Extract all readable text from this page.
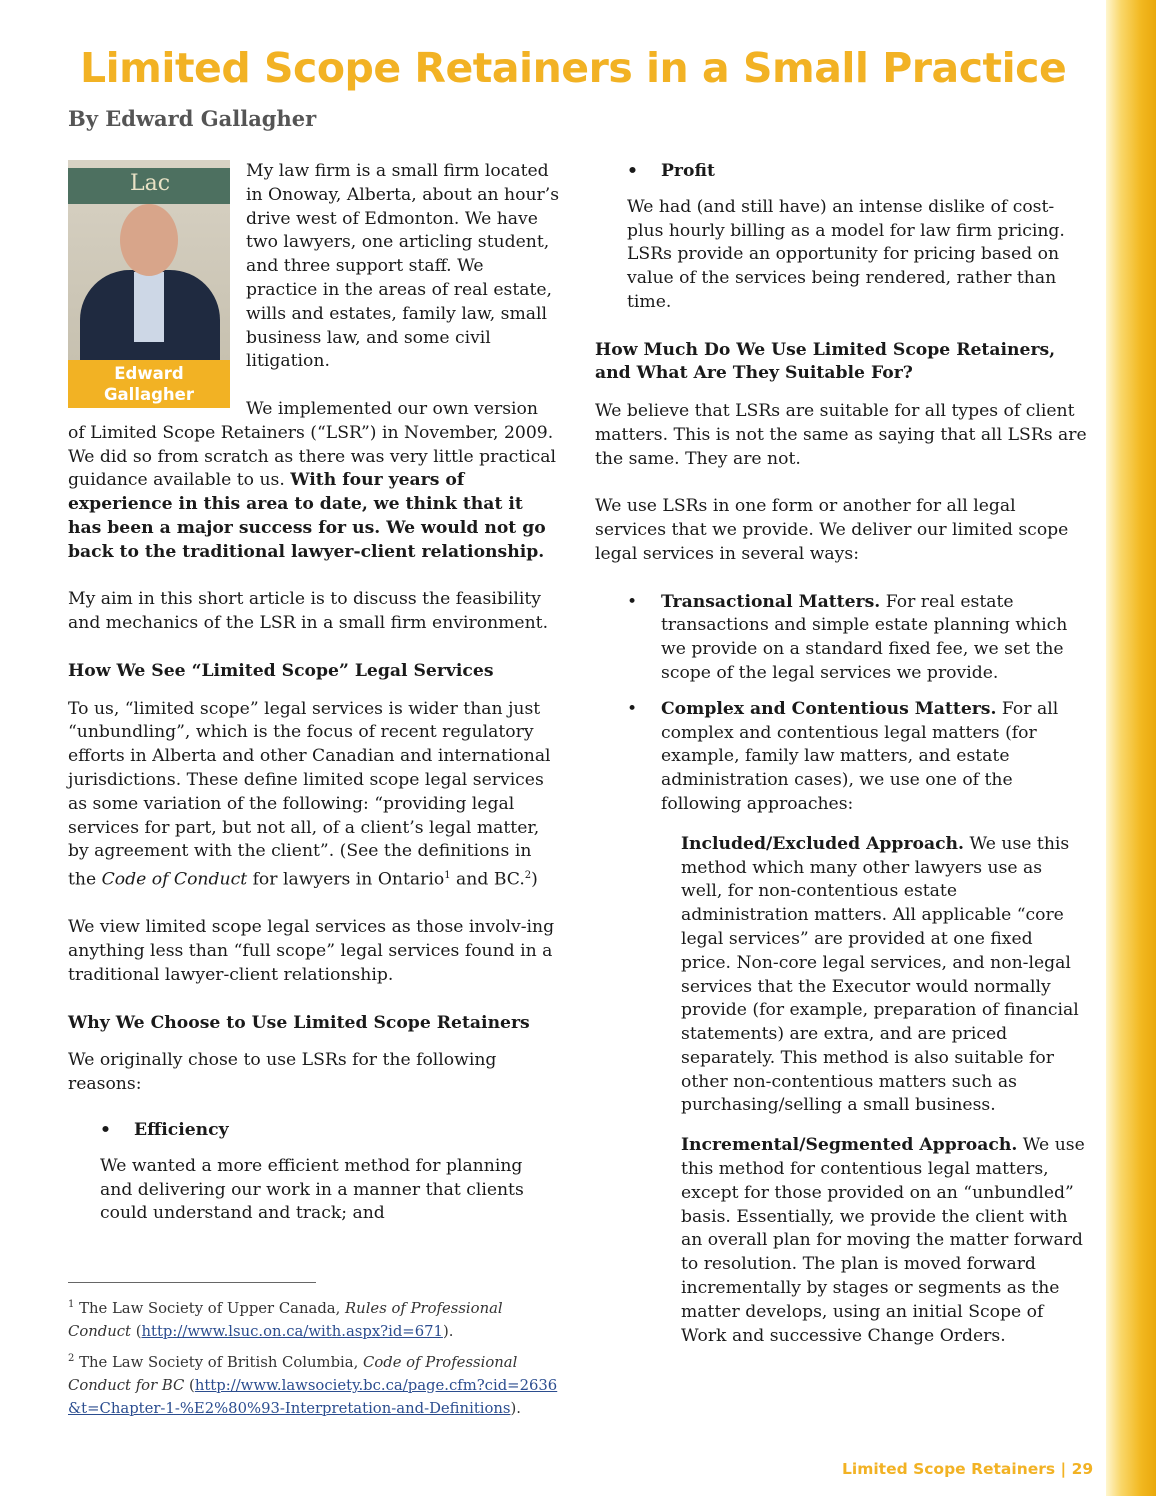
Limited Scope Retainers in a Small Practice
By Edward Gallagher
Lac
Edward
Gallagher

My law firm is a small firm located in Onoway, Alberta, about an hour’s drive west of Edmonton. We have two lawyers, one articling student, and three support staff. We practice in the areas of real estate, wills and estates, family law, small business law, and some civil litigation.

We implemented our own version of Limited Scope Retainers (“LSR”) in November, 2009. We did so from scratch as there was very little practical guidance available to us. With four years of experience in this area to date, we think that it has been a major success for us. We would not go back to the traditional lawyer-client relationship.

My aim in this short article is to discuss the feasibility and mechanics of the LSR in a small firm environment.

How We See “Limited Scope” Legal Services

To us, “limited scope” legal services is wider than just “unbundling”, which is the focus of recent regulatory efforts in Alberta and other Canadian and international jurisdictions. These define limited scope legal services as some variation of the following: “providing legal services for part, but not all, of a client’s legal matter, by agreement with the client”. (See the definitions in the Code of Conduct for lawyers in Ontario$^1$ and BC.$^2$)

We view limited scope legal services as those involv-ing anything less than “full scope” legal services found in a traditional lawyer-client relationship.

Why We Choose to Use Limited Scope Retainers

We originally chose to use LSRs for the following reasons:

•	Efficiency

We wanted a more efficient method for planning and delivering our work in a manner that clients could understand and track; and

$^1$ The Law Society of Upper Canada, Rules of Professional Conduct (http://www.lsuc.on.ca/with.aspx?id=671).

$^2$ The Law Society of British Columbia, Code of Professional Conduct for BC (http://www.lawsociety.bc.ca/page.cfm?cid=2636&t=Chapter-1-%E2%80%93-Interpretation-and-Definitions).

•	Profit

We had (and still have) an intense dislike of cost-plus hourly billing as a model for law firm pricing. LSRs provide an opportunity for pricing based on value of the services being rendered, rather than time.

How Much Do We Use Limited Scope Retainers, and What Are They Suitable For?

We believe that LSRs are suitable for all types of client matters. This is not the same as saying that all LSRs are the same. They are not.

We use LSRs in one form or another for all legal services that we provide. We deliver our limited scope legal services in several ways:

•	Transactional Matters. For real estate transactions and simple estate planning which we provide on a standard fixed fee, we set the scope of the legal services we provide.
•	Complex and Contentious Matters. For all complex and contentious legal matters (for example, family law matters, and estate administration cases), we use one of the following approaches:

Included/Excluded Approach. We use this method which many other lawyers use as well, for non-contentious estate administration matters. All applicable “core legal services” are provided at one fixed price. Non-core legal services, and non-legal services that the Executor would normally provide (for example, preparation of financial statements) are extra, and are priced separately. This method is also suitable for other non-contentious matters such as purchasing/selling a small business.

Incremental/Segmented Approach. We use this method for contentious legal matters, except for those provided on an “unbundled” basis. Essentially, we provide the client with an overall plan for moving the matter forward to resolution. The plan is moved forward incrementally by stages or segments as the matter develops, using an initial Scope of Work and successive Change Orders.

Limited Scope Retainers | 29
